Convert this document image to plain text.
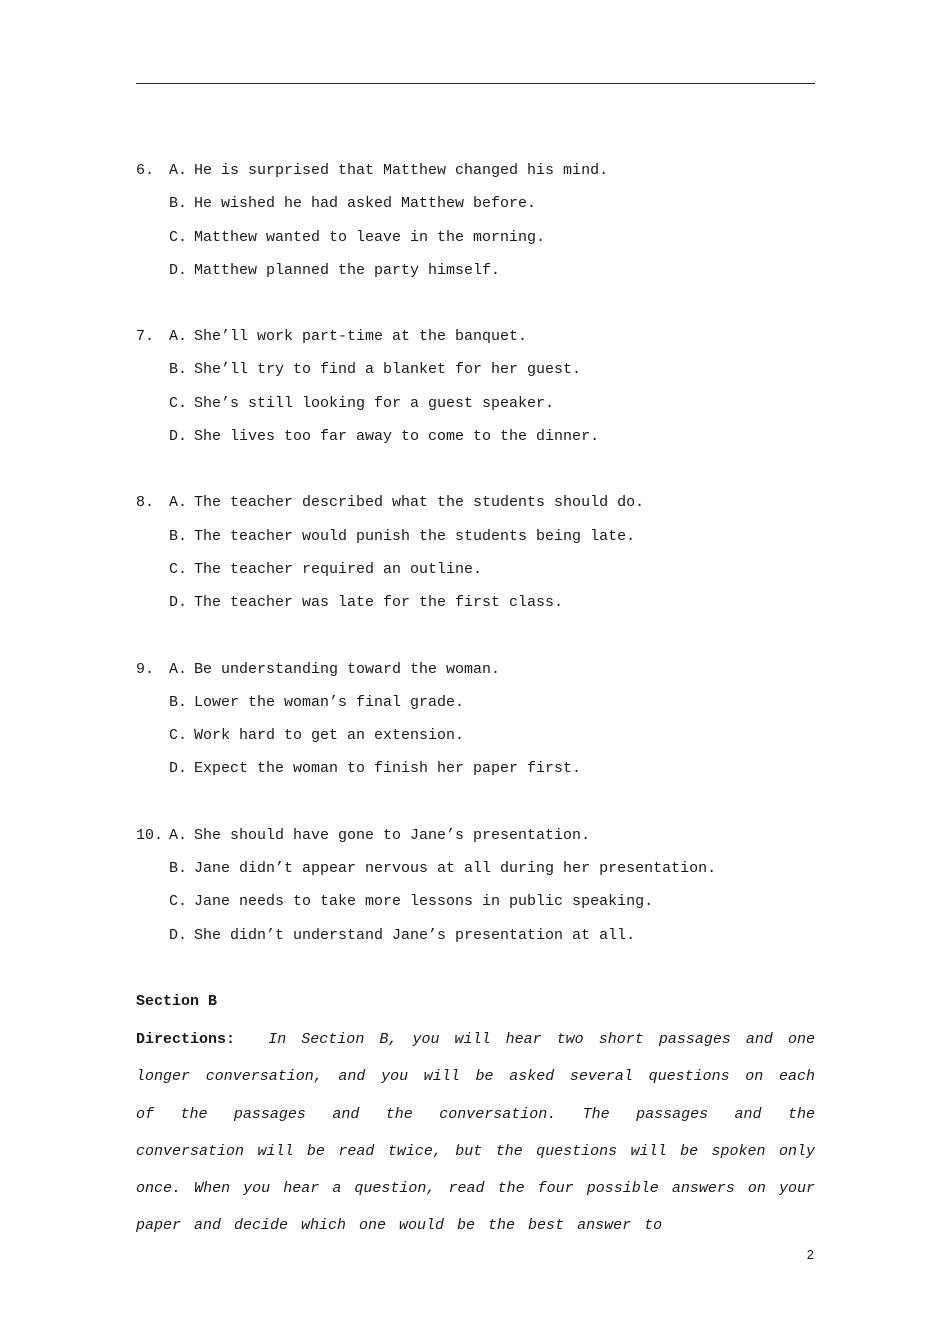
6.

A.

He is surprised that Matthew changed his mind.

B.

He wished he had asked Matthew before.

C.

Matthew wanted to leave in the morning.

D.

Matthew planned the party himself.

7.

A.

She’ll work part-time at the banquet.

B.

She’ll try to find a blanket for her guest.

C.

She’s still looking for a guest speaker.

D.

She lives too far away to come to the dinner.

8.

A.

The teacher described what the students should do.

B.

The teacher would punish the students being late.

C.

The teacher required an outline.

D.

The teacher was late for the first class.

9.

A.

Be understanding toward the woman.

B.

Lower the woman’s final grade.

C.

Work hard to get an extension.

D.

Expect the woman to finish her paper first.

10.

A.

She should have gone to Jane’s presentation.

B.

Jane didn’t appear nervous at all during her presentation.

C.

Jane needs to take more lessons in public speaking.

D.

She didn’t understand Jane’s presentation at all.

Section B
Directions: In Section B, you will hear two short passages and one longer conversation, and you will be asked several questions on each of the passages and the conversation. The passages and the conversation will be read twice, but the questions will be spoken only once. When you hear a question, read the four possible answers on your paper and decide which one would be the best answer to
2
